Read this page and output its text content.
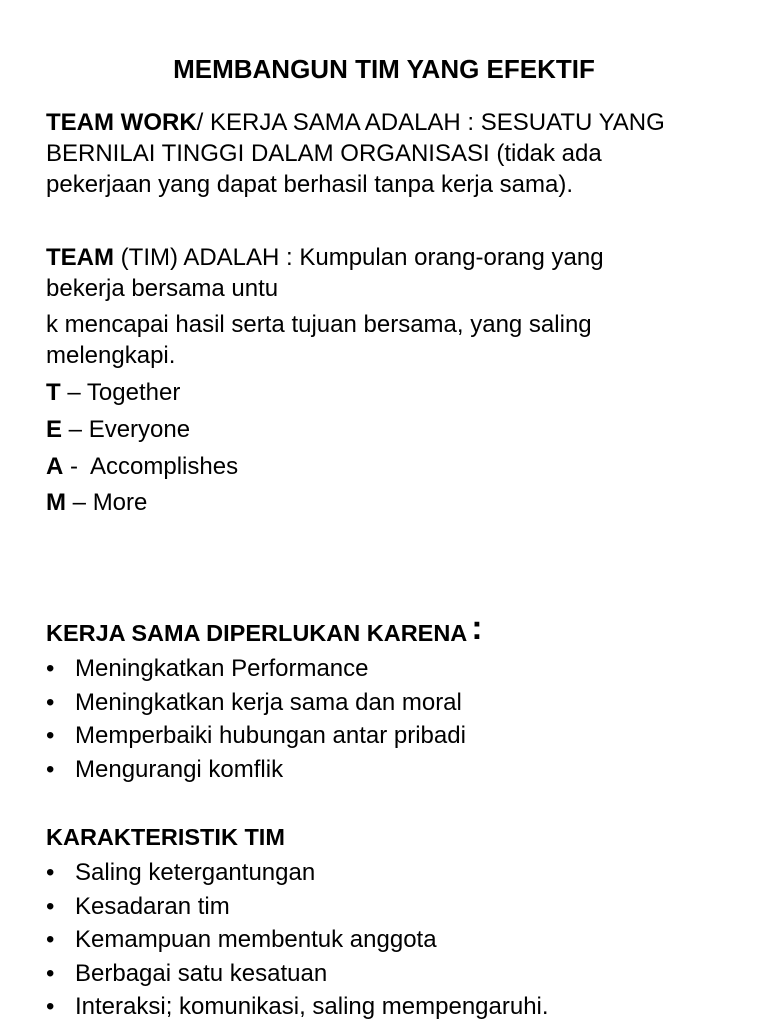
MEMBANGUN TIM YANG EFEKTIF

TEAM WORK/ KERJA SAMA ADALAH : SESUATU YANG
BERNILAI TINGGI DALAM ORGANISASI (tidak ada
pekerjaan yang dapat berhasil tanpa kerja sama).

TEAM (TIM) ADALAH : Kumpulan orang-orang yang
bekerja bersama untu

k mencapai hasil serta tujuan bersama, yang saling
melengkapi.

T – Together
E – Everyone
A -  Accomplishes
M – More
KERJA SAMA DIPERLUKAN KARENA :
• Meningkatkan Performance
• Meningkatkan kerja sama dan moral
• Memperbaiki hubungan antar pribadi
• Mengurangi komflik
KARAKTERISTIK TIM
• Saling ketergantungan
• Kesadaran tim
• Kemampuan membentuk anggota
• Berbagai satu kesatuan
• Interaksi; komunikasi, saling mempengaruhi.
